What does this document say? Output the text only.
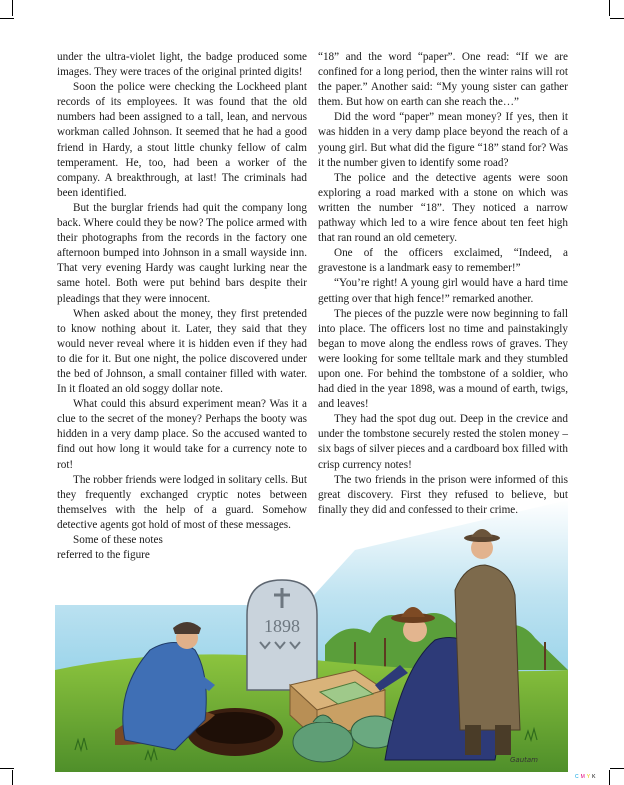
1898
Gautam

under the ultra-violet light, the badge produced some images. They were traces of the original printed digits!

Soon the police were checking the Lockheed plant records of its employees. It was found that the old numbers had been assigned to a tall, lean, and nervous workman called Johnson. It seemed that he had a good friend in Hardy, a stout little chunky fellow of calm temperament. He, too, had been a worker of the company. A breakthrough, at last! The criminals had been identified.

But the burglar friends had quit the company long back. Where could they be now? The police armed with their photographs from the records in the factory one afternoon bumped into Johnson in a small wayside inn. That very evening Hardy was caught lurking near the same hotel. Both were put behind bars despite their pleadings that they were innocent.

When asked about the money, they first pretended to know nothing about it. Later, they said that they would never reveal where it is hidden even if they had to die for it. But one night, the police discovered under the bed of Johnson, a small container filled with water. In it floated an old soggy dollar note.

What could this absurd experiment mean? Was it a clue to the secret of the money? Perhaps the booty was hidden in a very damp place. So the accused wanted to find out how long it would take for a currency note to rot!

The robber friends were lodged in solitary cells. But they frequently exchanged cryptic notes between themselves with the help of a guard. Somehow detective agents got hold of most of these messages.

Some of these notes referred to the figure

“18” and the word “paper”. One read: “If we are confined for a long period, then the winter rains will rot the paper.” Another said: “My young sister can gather them. But how on earth can she reach the…”

Did the word “paper” mean money? If yes, then it was hidden in a very damp place beyond the reach of a young girl. But what did the figure “18” stand for? Was it the number given to identify some road?

The police and the detective agents were soon exploring a road marked with a stone on which was written the number “18”. They noticed a narrow pathway which led to a wire fence about ten feet high that ran round an old cemetery.

One of the officers exclaimed, “Indeed, a gravestone is a landmark easy to remember!”

“You’re right! A young girl would have a hard time getting over that high fence!” remarked another.

The pieces of the puzzle were now beginning to fall into place. The officers lost no time and painstakingly began to move along the endless rows of graves. They were looking for some telltale mark and they stumbled upon one. For behind the tombstone of a soldier, who had died in the year 1898, was a mound of earth, twigs, and leaves!

They had the spot dug out. Deep in the crevice and under the tombstone securely rested the stolen money – six bags of silver pieces and a cardboard box filled with crisp currency notes!

The two friends in the prison were informed of this great discovery. First they refused to believe, but finally they did and confessed to their crime.

CMYK
